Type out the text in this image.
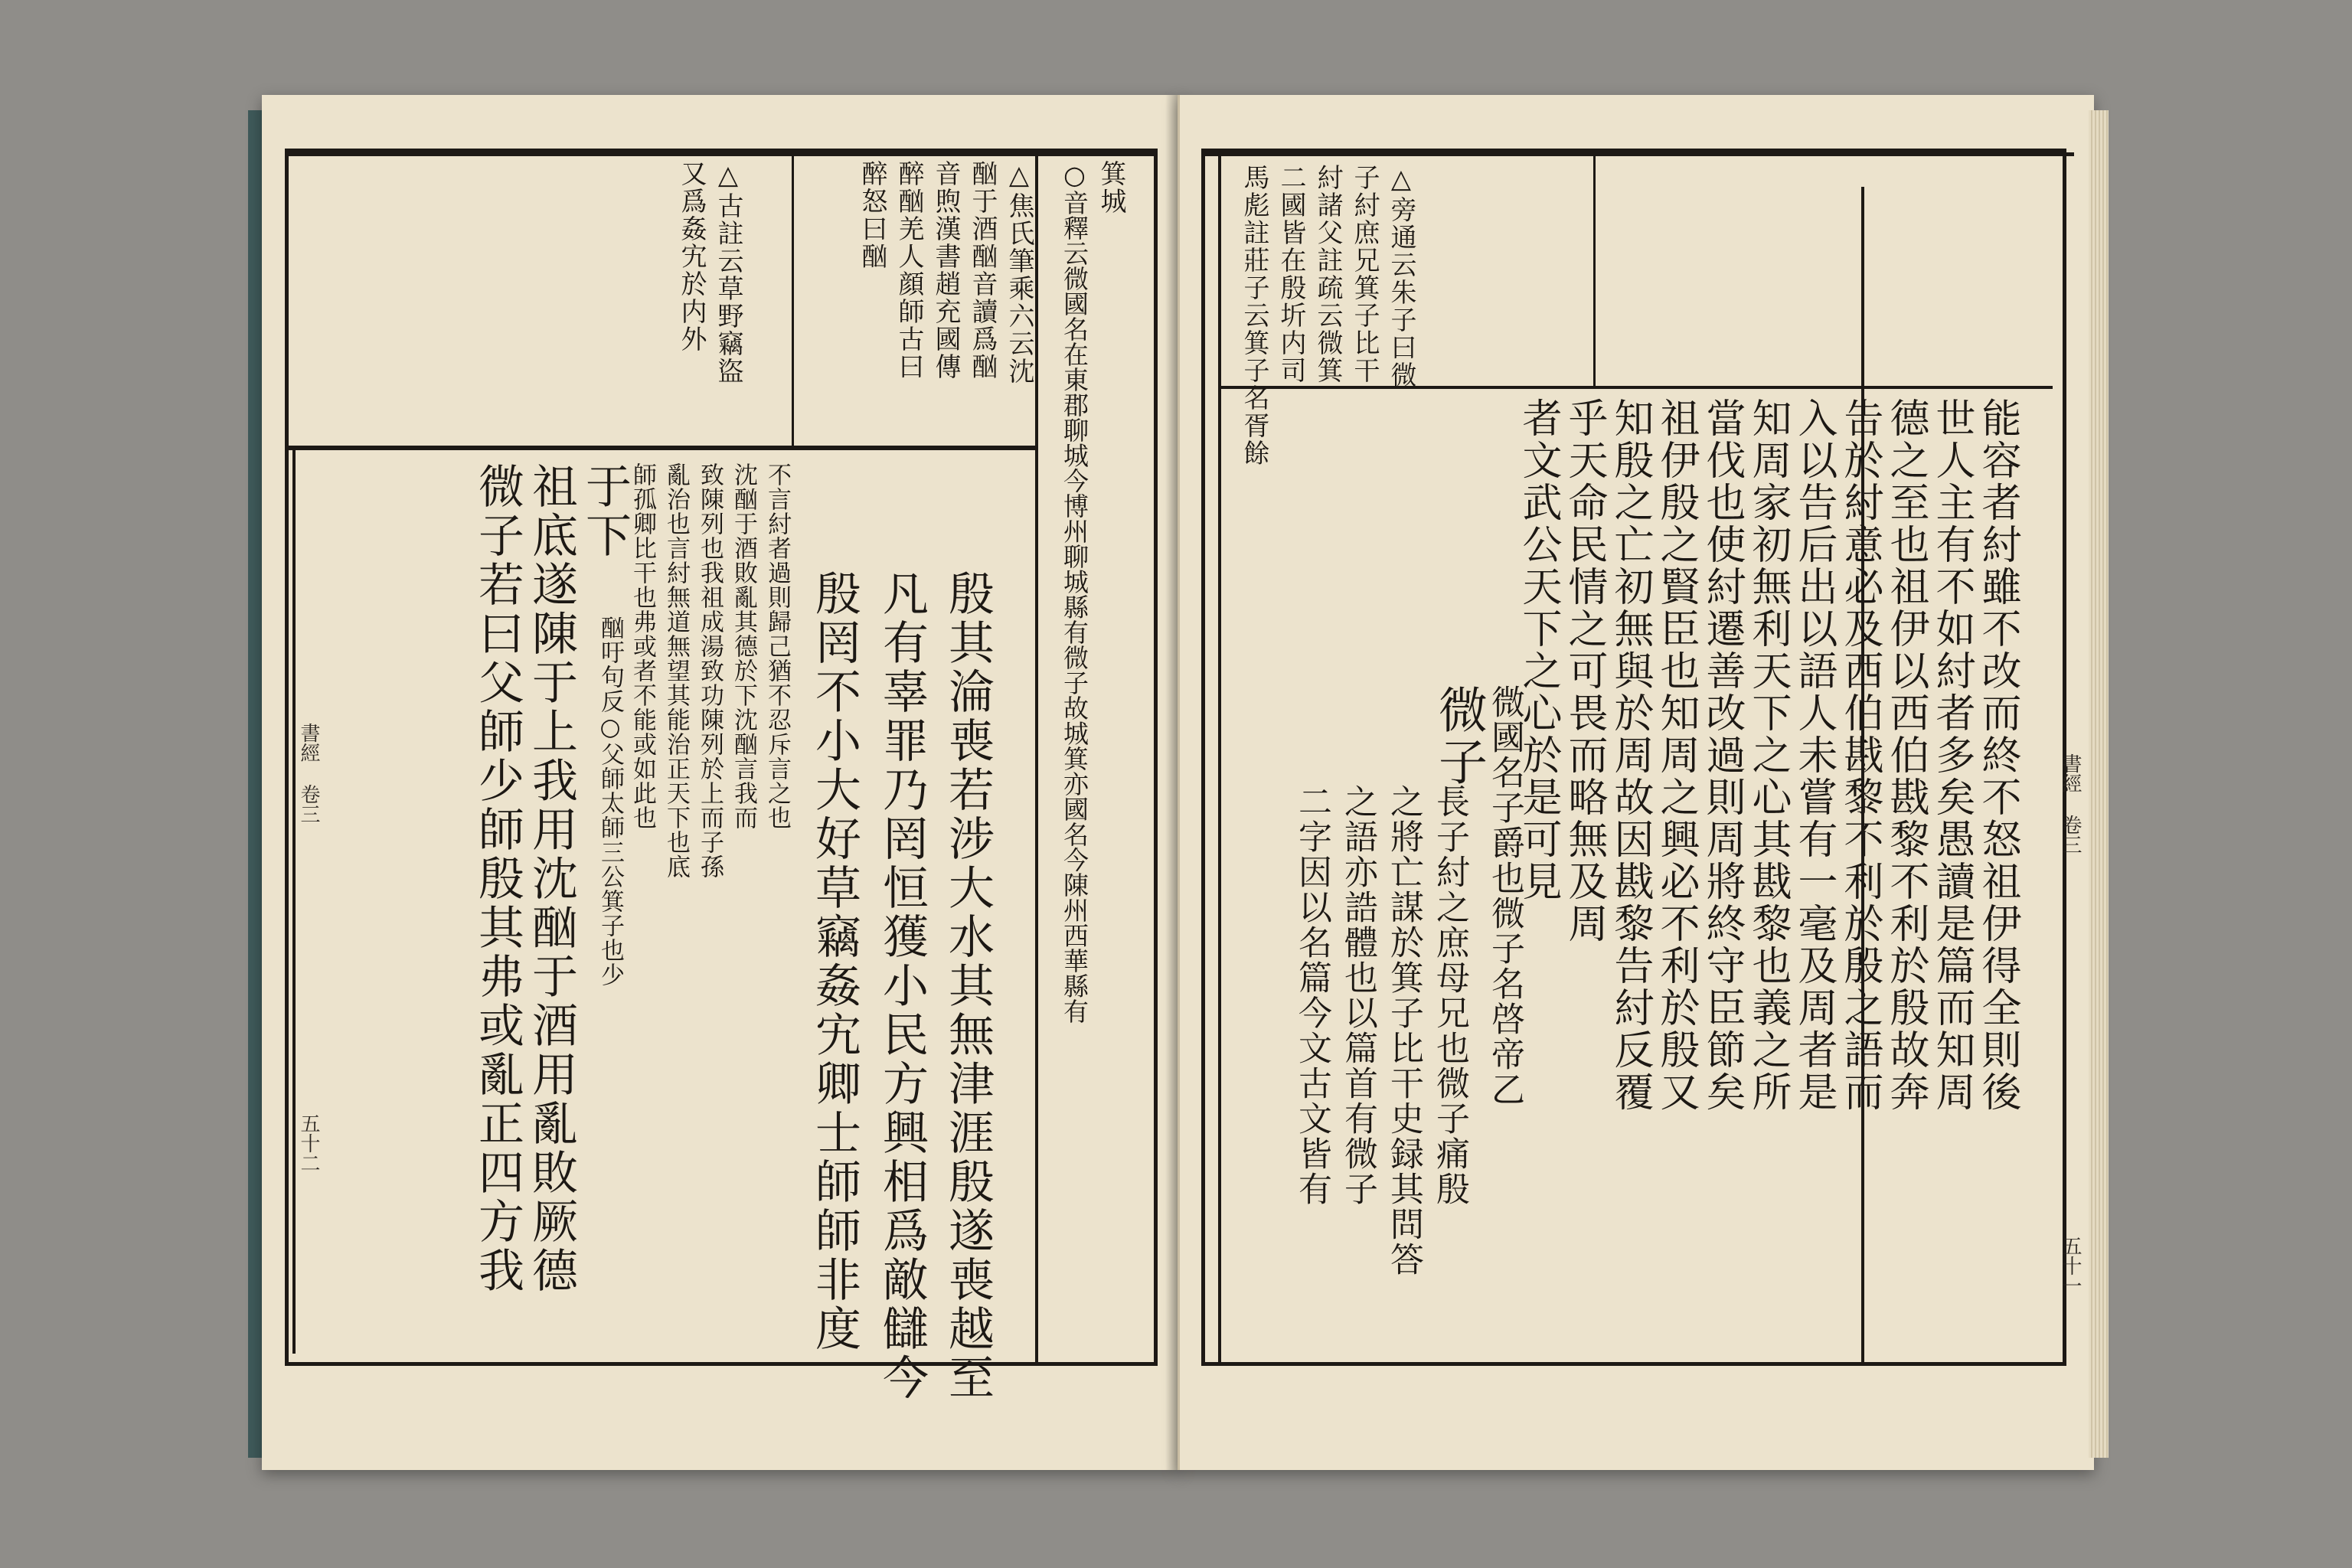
△焦氏筆乘六云沈
酗于酒酗音讀爲酗
音煦漢書趙充國傳
醉酗羌人顔師古曰
醉怒曰酗
△古註云草野竊盜
又爲姦宄於内外	○音釋云微國名在東郡聊城今博州聊城縣有微子故城箕亦國名今陳州西華縣有 箕城
微子若曰父師少師殷其弗或亂正四方我 祖底遂陳于上我用沈酗于酒用亂敗厥德 于下
酗吁句反○父師太師三公箕子也少 師孤卿比干也弗或者不能或如此也 亂治也言紂無道無望其能治正天下也底 致陳列也我祖成湯致功陳列於上而子孫 沈酗于酒敗亂其德於下沈酗言我而 不言紂者過則歸己猶不忍斥言之也 殷罔不小大好草竊姦宄卿士師師非度 凡有辜罪乃罔恒獲小民方興相爲敵讎今 殷其淪喪若涉大水其無津涯殷遂喪越至
書經
卷三
五十二
馬彪註莊子云箕子名胥餘 二國皆在殷圻内司 紂諸父註疏云微箕 子紂庶兄箕子比干 △旁通云朱子曰微
能容者紂雖不改而終不怒祖伊得全則後
世人主有不如紂者多矣愚讀是篇而知周
德之至也祖伊以西伯戡黎不利於殷故奔
告於紂意必及西伯戡黎不利於殷之語而
入以告后出以語人未嘗有一毫及周者是
知周家初無利天下之心其戡黎也義之所
當伐也使紂遷善改過則周將終守臣節矣
祖伊殷之賢臣也知周之興必不利於殷又
知殷之亡初無與於周故因戡黎告紂反覆
乎天命民情之可畏而略無及周
者文武公天下之心於是可見
微子
微國名子爵也微子名啓帝乙
長子紂之庶母兄也微子痛殷
之將亡謀於箕子比干史録其問答
之語亦誥體也以篇首有微子
二字因以名篇今文古文皆有
書經
卷三
五十一
